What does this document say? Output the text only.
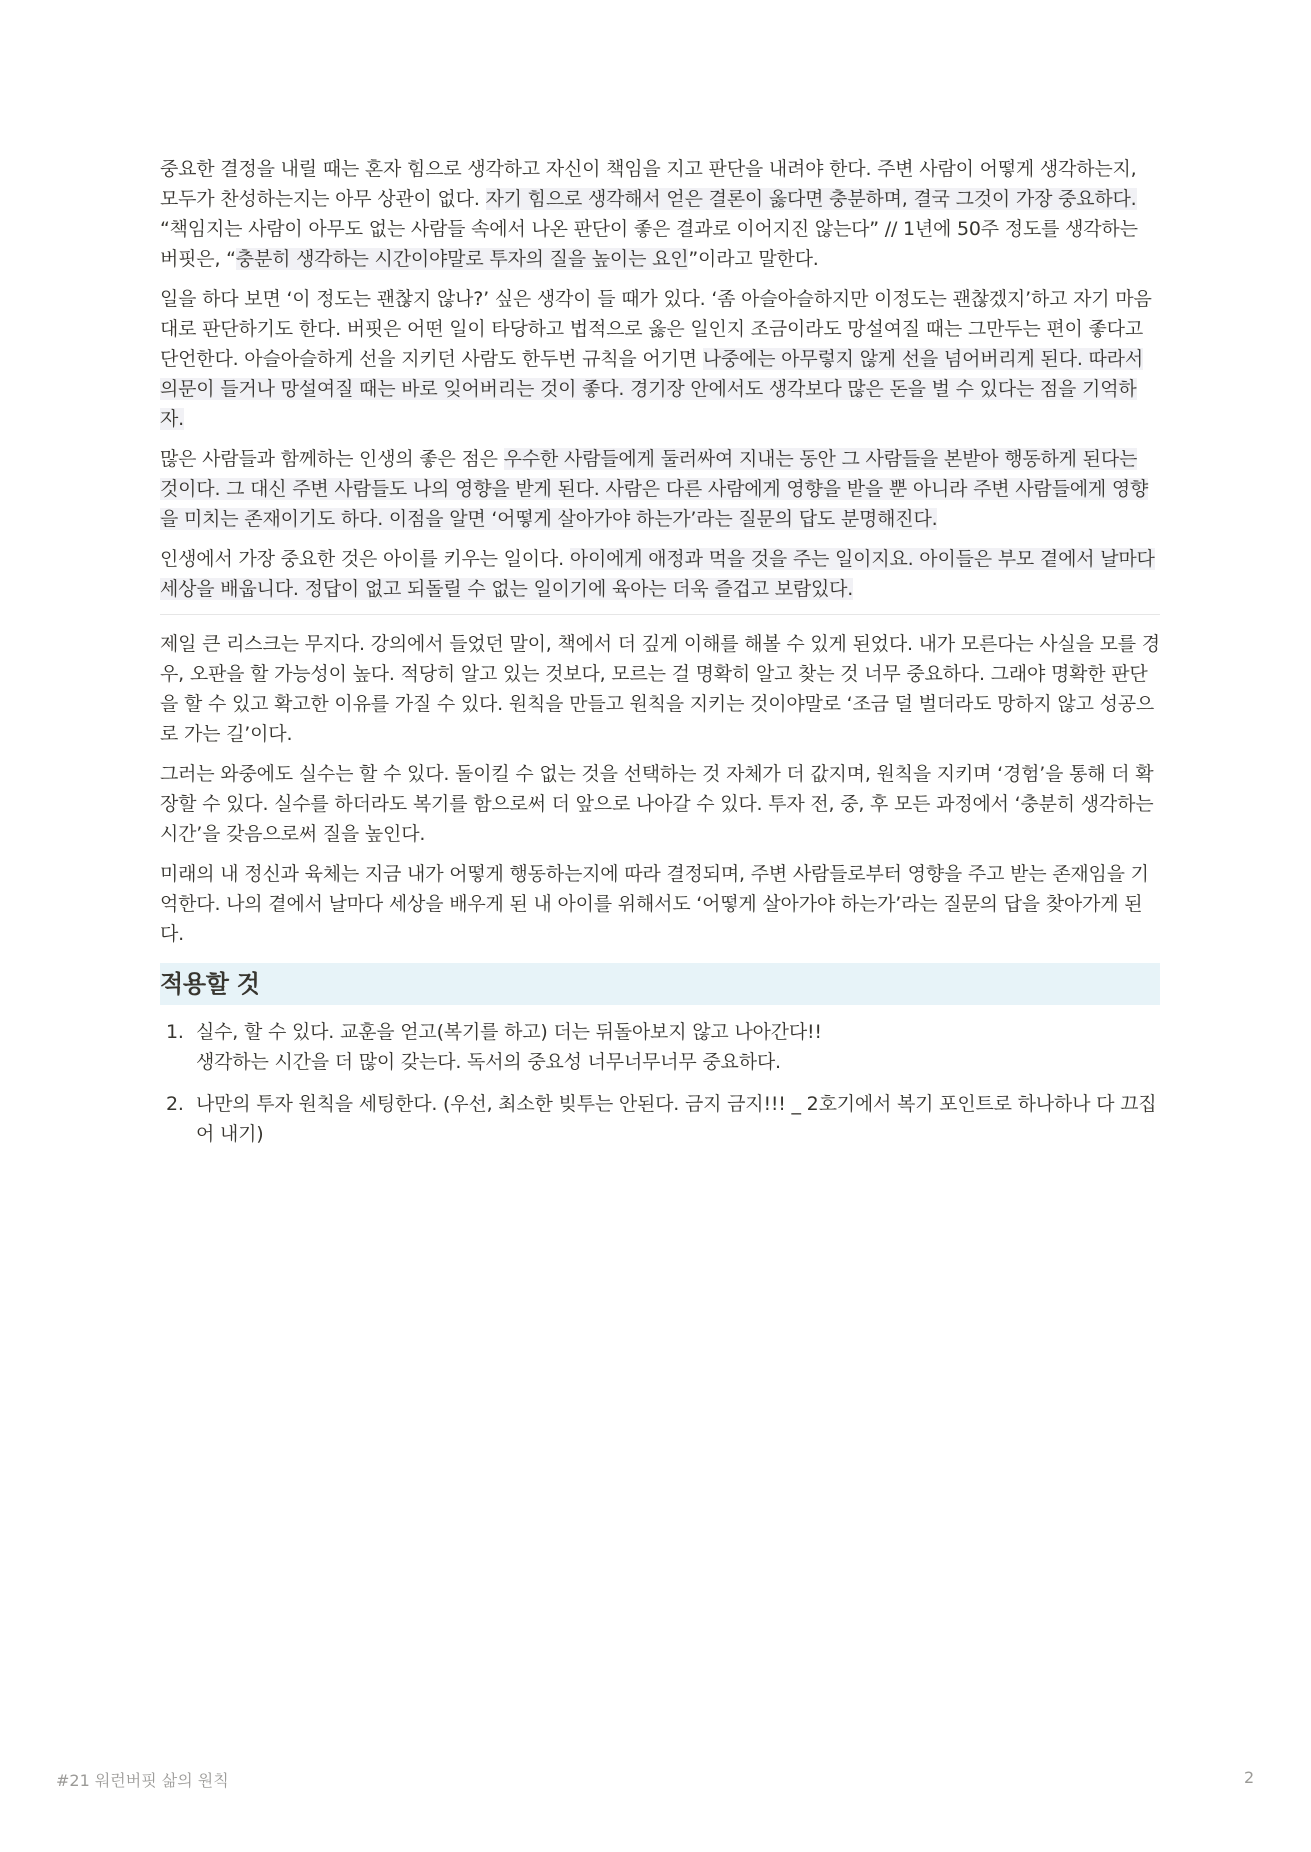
중요한 결정을 내릴 때는 혼자 힘으로 생각하고 자신이 책임을 지고 판단을 내려야 한다. 주변 사람이 어떻게 생각하는지, 모두가 찬성하는지는 아무 상관이 없다. 자기 힘으로 생각해서 얻은 결론이 옳다면 충분하며, 결국 그것이 가장 중요하다. “책임지는 사람이 아무도 없는 사람들 속에서 나온 판단이 좋은 결과로 이어지진 않는다” // 1년에 50주 정도를 생각하는 버핏은, “충분히 생각하는 시간이야말로 투자의 질을 높이는 요인”이라고 말한다.

일을 하다 보면 ‘이 정도는 괜찮지 않나?’ 싶은 생각이 들 때가 있다. ‘좀 아슬아슬하지만 이정도는 괜찮겠지’하고 자기 마음대로 판단하기도 한다. 버핏은 어떤 일이 타당하고 법적으로 옳은 일인지 조금이라도 망설여질 때는 그만두는 편이 좋다고 단언한다. 아슬아슬하게 선을 지키던 사람도 한두번 규칙을 어기면 나중에는 아무렇지 않게 선을 넘어버리게 된다. 따라서 의문이 들거나 망설여질 때는 바로 잊어버리는 것이 좋다. 경기장 안에서도 생각보다 많은 돈을 벌 수 있다는 점을 기억하자.

많은 사람들과 함께하는 인생의 좋은 점은 우수한 사람들에게 둘러싸여 지내는 동안 그 사람들을 본받아 행동하게 된다는 것이다. 그 대신 주변 사람들도 나의 영향을 받게 된다. 사람은 다른 사람에게 영향을 받을 뿐 아니라 주변 사람들에게 영향을 미치는 존재이기도 하다. 이점을 알면 ‘어떻게 살아가야 하는가’라는 질문의 답도 분명해진다.

인생에서 가장 중요한 것은 아이를 키우는 일이다. 아이에게 애정과 먹을 것을 주는 일이지요. 아이들은 부모 곁에서 날마다 세상을 배웁니다. 정답이 없고 되돌릴 수 없는 일이기에 육아는 더욱 즐겁고 보람있다.

제일 큰 리스크는 무지다. 강의에서 들었던 말이, 책에서 더 깊게 이해를 해볼 수 있게 된었다. 내가 모른다는 사실을 모를 경우, 오판을 할 가능성이 높다. 적당히 알고 있는 것보다, 모르는 걸 명확히 알고 찾는 것 너무 중요하다. 그래야 명확한 판단을 할 수 있고 확고한 이유를 가질 수 있다. 원칙을 만들고 원칙을 지키는 것이야말로 ‘조금 덜 벌더라도 망하지 않고 성공으로 가는 길’이다.

그러는 와중에도 실수는 할 수 있다. 돌이킬 수 없는 것을 선택하는 것 자체가 더 값지며, 원칙을 지키며 ‘경험’을 통해 더 확장할 수 있다. 실수를 하더라도 복기를 함으로써 더 앞으로 나아갈 수 있다. 투자 전, 중, 후 모든 과정에서 ‘충분히 생각하는 시간’을 갖음으로써 질을 높인다.

미래의 내 정신과 육체는 지금 내가 어떻게 행동하는지에 따라 결정되며, 주변 사람들로부터 영향을 주고 받는 존재임을 기억한다. 나의 곁에서 날마다 세상을 배우게 된 내 아이를 위해서도 ‘어떻게 살아가야 하는가’라는 질문의 답을 찾아가게 된다.

적용할 것
1. 실수, 할 수 있다. 교훈을 얻고(복기를 하고) 더는 뒤돌아보지 않고 나아간다!!
생각하는 시간을 더 많이 갖는다. 독서의 중요성 너무너무너무 중요하다.
2. 나만의 투자 원칙을 세팅한다. (우선, 최소한 빚투는 안된다. 금지 금지!!! _ 2호기에서 복기 포인트로 하나하나 다 끄집어 내기)
#21 워런버핏 삶의 원칙	2
